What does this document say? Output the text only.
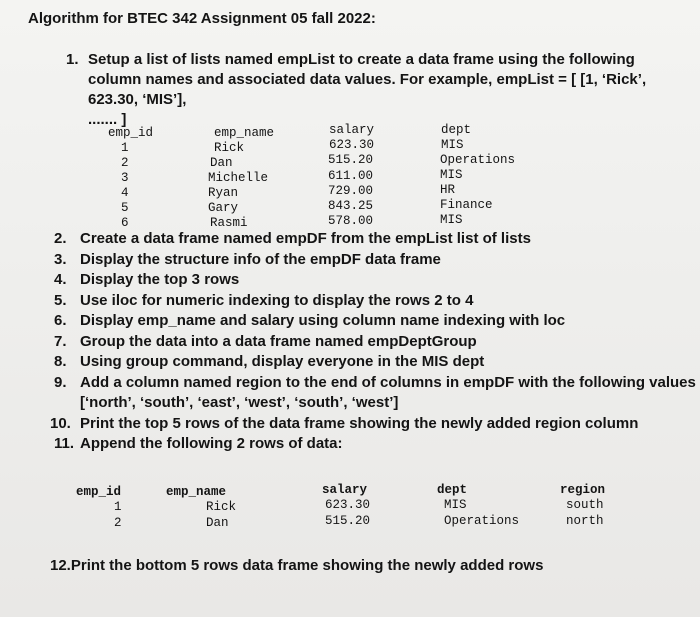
Algorithm for BTEC 342 Assignment 05 fall 2022:
1. Setup a list of lists named empList to create a data frame using the following column names and associated data values. For example, empList = [ [1, ‘Rick’, 623.30, ‘MIS’],
....... ]
emp_id	emp_name	salary	dept
1	Rick	623.30	MIS
2	Dan	515.20	Operations
3	Michelle	611.00	MIS
4	Ryan	729.00	HR
5	Gary	843.25	Finance
6	Rasmi	578.00	MIS
2. Create a data frame named empDF from the empList list of lists
3. Display the structure info of the empDF data frame
4. Display the top 3 rows
5. Use iloc for numeric indexing to display the rows 2 to 4
6. Display emp_name and salary using column name indexing with loc
7. Group the data into a data frame named empDeptGroup
8. Using group command, display everyone in the MIS dept
9. Add a column named region to the end of columns in empDF with the following values
[‘north’, ‘south’, ‘east’, ‘west’, ‘south’, ‘west’]
10. Print the top 5 rows of the data frame showing the newly added region column
11. Append the following 2 rows of data:
emp_id	emp_name	salary	dept	region
1	Rick	623.30	MIS	south
2	Dan	515.20	Operations	north
12.Print the bottom 5 rows data frame showing the newly added rows
